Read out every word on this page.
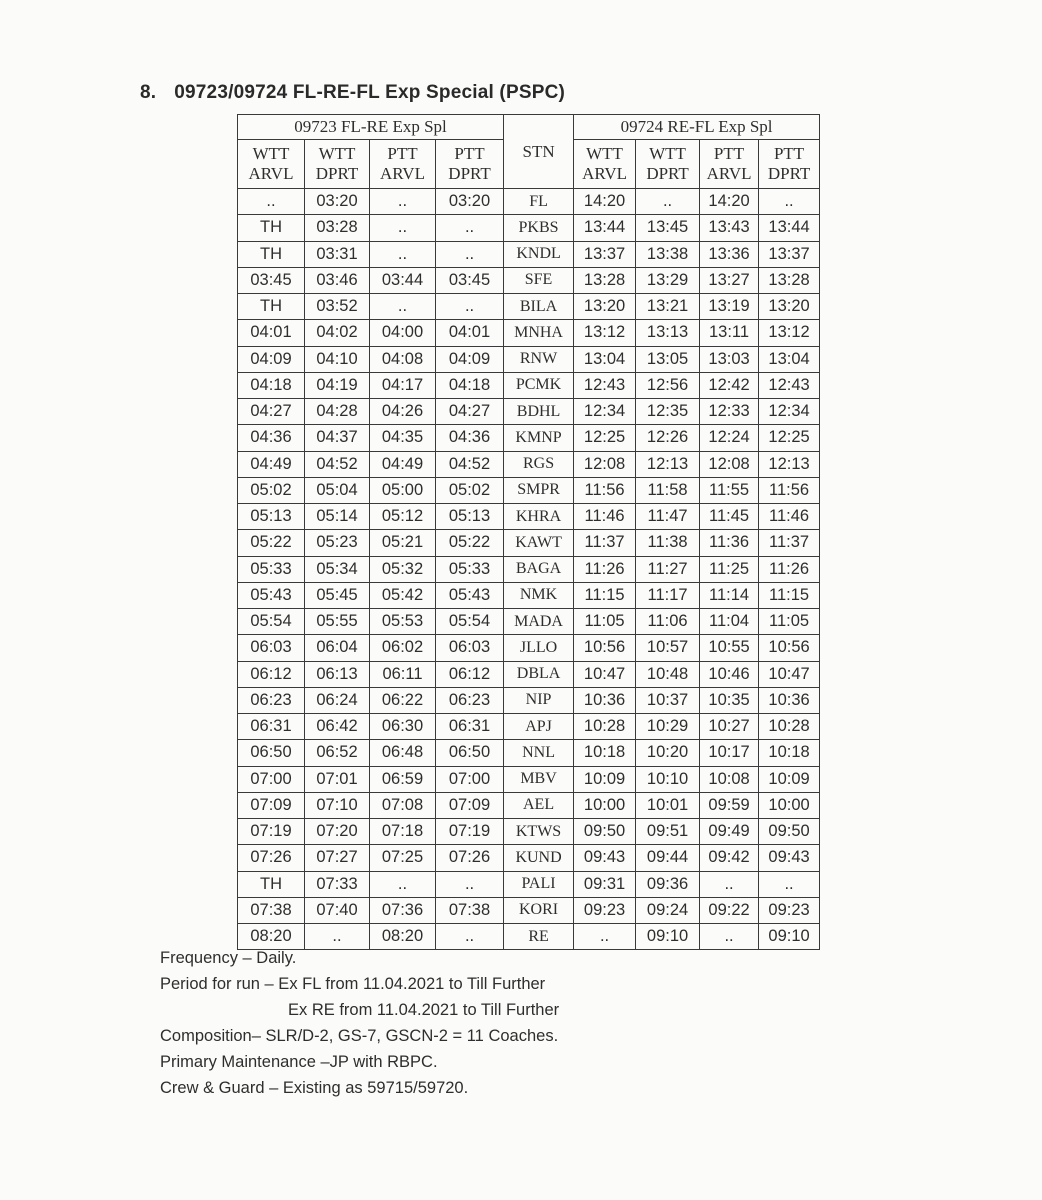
8. 09723/09724 FL-RE-FL Exp Special (PSPC)
09723 FL-RE Exp Spl				STN	09724 RE-FL Exp Spl			
WTT ARVL	WTT DPRT	PTT ARVL	PTT DPRT		WTT ARVL	WTT DPRT	PTT ARVL	PTT DPRT
..	03:20	..	03:20	FL	14:20	..	14:20	..
TH	03:28	..	..	PKBS	13:44	13:45	13:43	13:44
TH	03:31	..	..	KNDL	13:37	13:38	13:36	13:37
03:45	03:46	03:44	03:45	SFE	13:28	13:29	13:27	13:28
TH	03:52	..	..	BILA	13:20	13:21	13:19	13:20
04:01	04:02	04:00	04:01	MNHA	13:12	13:13	13:11	13:12
04:09	04:10	04:08	04:09	RNW	13:04	13:05	13:03	13:04
04:18	04:19	04:17	04:18	PCMK	12:43	12:56	12:42	12:43
04:27	04:28	04:26	04:27	BDHL	12:34	12:35	12:33	12:34
04:36	04:37	04:35	04:36	KMNP	12:25	12:26	12:24	12:25
04:49	04:52	04:49	04:52	RGS	12:08	12:13	12:08	12:13
05:02	05:04	05:00	05:02	SMPR	11:56	11:58	11:55	11:56
05:13	05:14	05:12	05:13	KHRA	11:46	11:47	11:45	11:46
05:22	05:23	05:21	05:22	KAWT	11:37	11:38	11:36	11:37
05:33	05:34	05:32	05:33	BAGA	11:26	11:27	11:25	11:26
05:43	05:45	05:42	05:43	NMK	11:15	11:17	11:14	11:15
05:54	05:55	05:53	05:54	MADA	11:05	11:06	11:04	11:05
06:03	06:04	06:02	06:03	JLLO	10:56	10:57	10:55	10:56
06:12	06:13	06:11	06:12	DBLA	10:47	10:48	10:46	10:47
06:23	06:24	06:22	06:23	NIP	10:36	10:37	10:35	10:36
06:31	06:42	06:30	06:31	APJ	10:28	10:29	10:27	10:28
06:50	06:52	06:48	06:50	NNL	10:18	10:20	10:17	10:18
07:00	07:01	06:59	07:00	MBV	10:09	10:10	10:08	10:09
07:09	07:10	07:08	07:09	AEL	10:00	10:01	09:59	10:00
07:19	07:20	07:18	07:19	KTWS	09:50	09:51	09:49	09:50
07:26	07:27	07:25	07:26	KUND	09:43	09:44	09:42	09:43
TH	07:33	..	..	PALI	09:31	09:36	..	..
07:38	07:40	07:36	07:38	KORI	09:23	09:24	09:22	09:23
08:20	..	08:20	..	RE	..	09:10	..	09:10
Frequency – Daily.
Period for run – Ex FL from 11.04.2021 to Till Further
Ex RE from 11.04.2021 to Till Further
Composition– SLR/D-2, GS-7, GSCN-2 = 11 Coaches.
Primary Maintenance –JP with RBPC.
Crew & Guard – Existing as 59715/59720.
